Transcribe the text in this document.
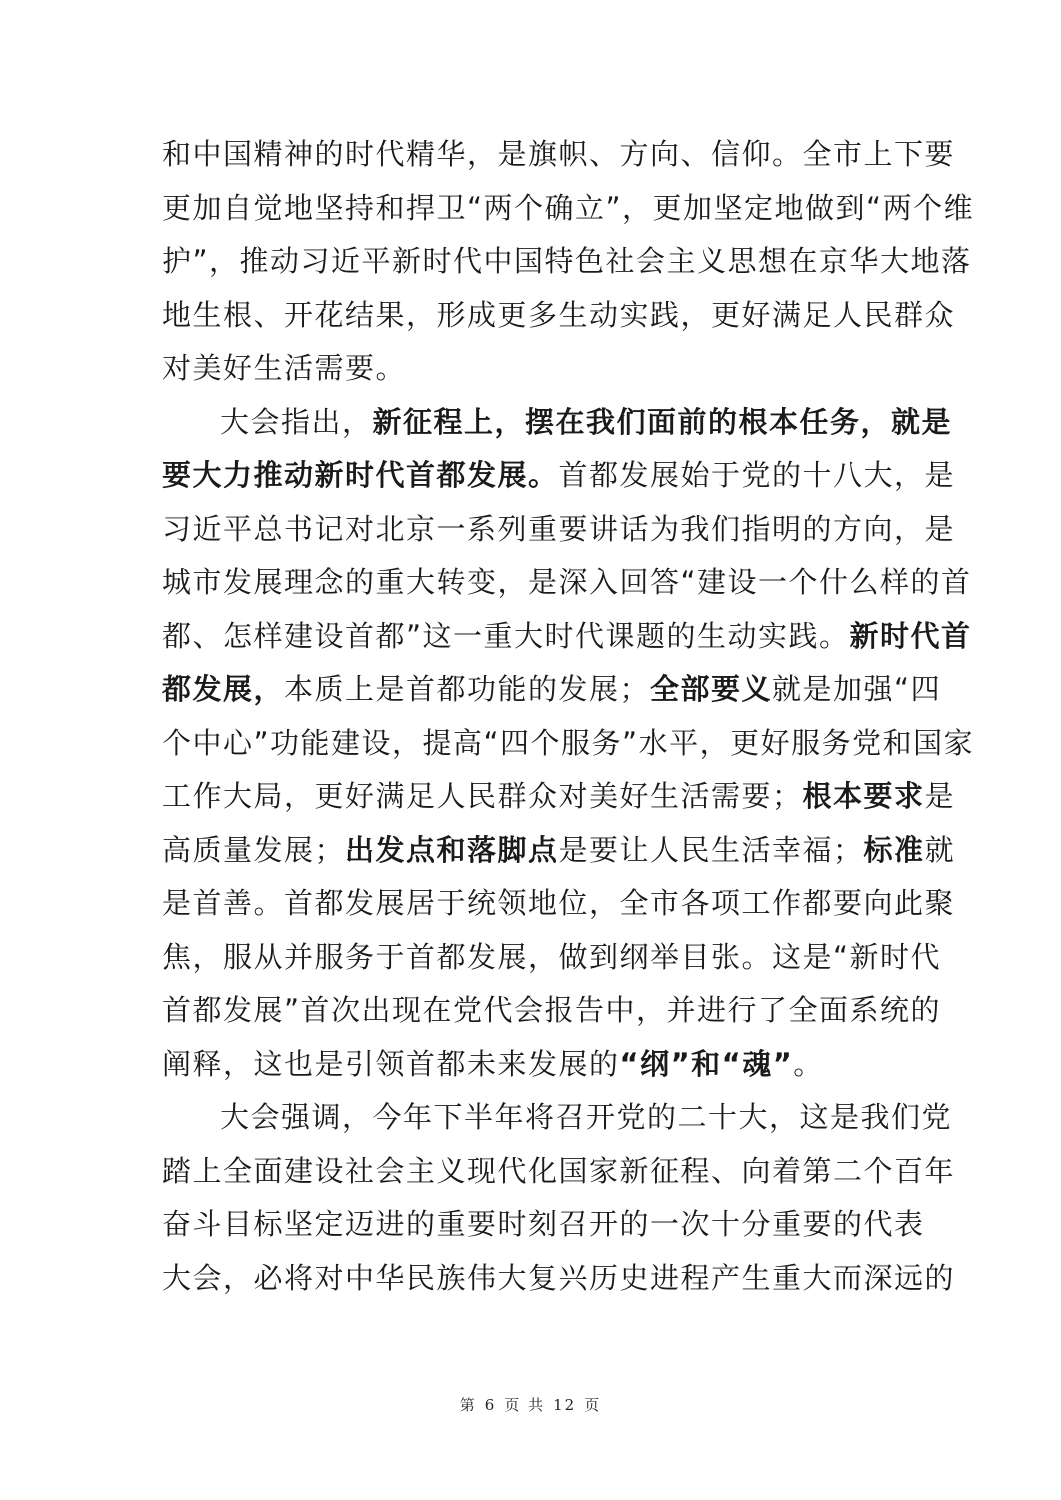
和中国精神的时代精华，是旗帜、方向、信仰。全市上下要
更加自觉地坚持和捍卫“两个确立”，更加坚定地做到“两个维
护”，推动习近平新时代中国特色社会主义思想在京华大地落
地生根、开花结果，形成更多生动实践，更好满足人民群众
对美好生活需要。
大会指出，新征程上，摆在我们面前的根本任务，就是
要大力推动新时代首都发展。首都发展始于党的十八大，是
习近平总书记对北京一系列重要讲话为我们指明的方向，是
城市发展理念的重大转变，是深入回答“建设一个什么样的首
都、怎样建设首都”这一重大时代课题的生动实践。新时代首
都发展，本质上是首都功能的发展；全部要义就是加强“四
个中心”功能建设，提高“四个服务”水平，更好服务党和国家
工作大局，更好满足人民群众对美好生活需要；根本要求是
高质量发展；出发点和落脚点是要让人民生活幸福；标准就
是首善。首都发展居于统领地位，全市各项工作都要向此聚
焦，服从并服务于首都发展，做到纲举目张。这是“新时代
首都发展”首次出现在党代会报告中，并进行了全面系统的
阐释，这也是引领首都未来发展的“纲”和“魂”。
大会强调，今年下半年将召开党的二十大，这是我们党
踏上全面建设社会主义现代化国家新征程、向着第二个百年
奋斗目标坚定迈进的重要时刻召开的一次十分重要的代表
大会，必将对中华民族伟大复兴历史进程产生重大而深远的
第 6 页 共 12 页
